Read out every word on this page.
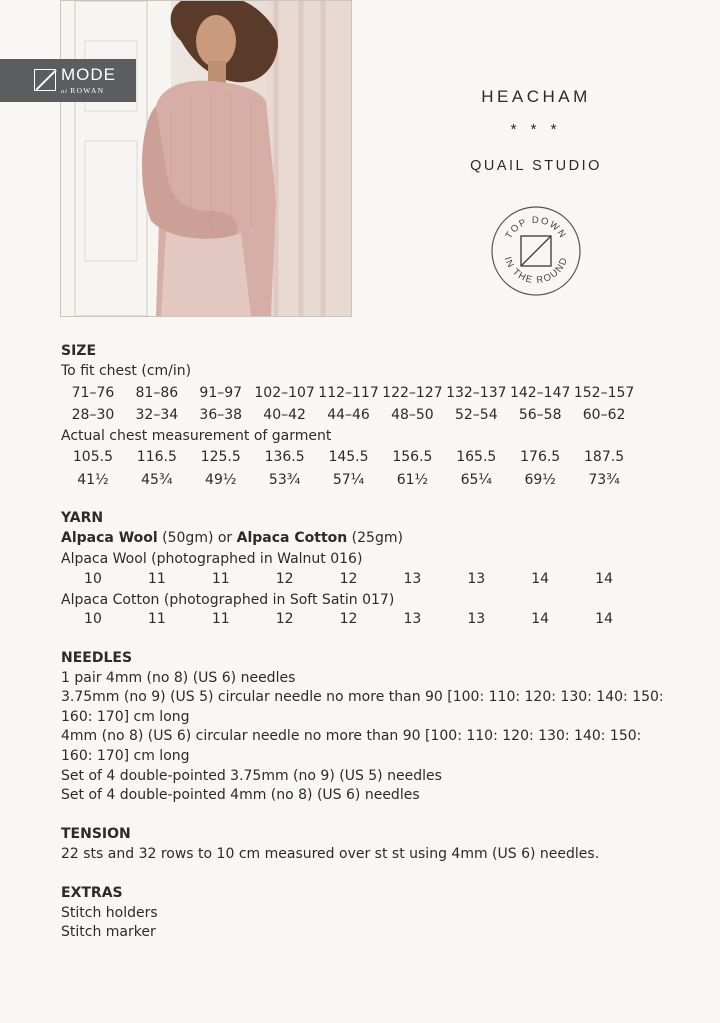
MODE
at ROWAN	HEACHAM
* * *
QUAIL STUDIO
TOP DOWN
IN THE ROUND
SIZE
To fit chest (cm/in)
71–76	81–86	91–97 102–107 112–117 122–127 132–137 142–147 152–157
28–30	32–34	36–38	40–42	44–46	48–50	52–54	56–58	60–62
Actual chest measurement of garment
105.5	116.5	125.5	136.5	145.5	156.5	165.5	176.5	187.5
41½	45¾	49½	53¾	57¼	61½	65¼	69½	73¾
YARN
Alpaca Wool (50gm) or Alpaca Cotton (25gm)
Alpaca Wool (photographed in Walnut 016)
10	11	11	12	12	13	13	14	14
Alpaca Cotton (photographed in Soft Satin 017)
10	11	11	12	12	13	13	14	14
NEEDLES
1 pair 4mm (no 8) (US 6) needles
3.75mm (no 9) (US 5) circular needle no more than 90 [100: 110: 120: 130: 140: 150:
160: 170] cm long
4mm (no 8) (US 6) circular needle no more than 90 [100: 110: 120: 130: 140: 150:
160: 170] cm long
Set of 4 double-pointed 3.75mm (no 9) (US 5) needles
Set of 4 double-pointed 4mm (no 8) (US 6) needles
TENSION
22 sts and 32 rows to 10 cm measured over st st using 4mm (US 6) needles.
EXTRAS
Stitch holders
Stitch marker
